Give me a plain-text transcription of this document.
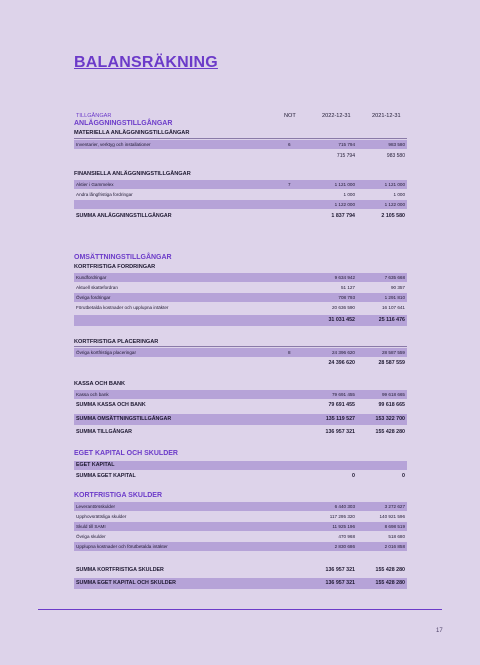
BALANSRÄKNING
TILLGÅNGAR	NOT	2022-12-31	2021-12-31
ANLÄGGNINGSTILLGÅNGAR
MATERIELLA ANLÄGGNINGSTILLGÅNGAR
Inventarier, verktyg och installationer	6	715 794	983 580
715 794	983 580
FINANSIELLA ANLÄGGNINGSTILLGÅNGAR
Aktier i Gammelex	7	1 121 000	1 121 000
Andra långfristiga fordringar	1 000	1 000
1 122 000	1 122 000
SUMMA ANLÄGGNINGSTILLGÅNGAR	1 837 794	2 105 580
OMSÄTTNINGSTILLGÅNGAR
KORTFRISTIGA FORDRINGAR
Kundfordringar	9 634 942	7 635 668
Aktuell skattefordran	51 127	90 357
Övriga fordringar	708 793	1 291 810
Förutbetalda kostnader och upplupna intäkter	20 636 590	16 107 641
31 031 452	25 116 476
KORTFRISTIGA PLACERINGAR
Övriga kortfristiga placeringar	8	24 396 620	28 587 559
24 396 620	28 587 559
KASSA OCH BANK
Kassa och bank	79 691 455	99 618 665
SUMMA KASSA OCH BANK	79 691 455	99 618 665
SUMMA OMSÄTTNINGSTILLGÅNGAR	135 119 527	153 322 700
SUMMA TILLGÅNGAR	136 957 321	155 428 280
EGET KAPITAL OCH SKULDER
EGET KAPITAL
SUMMA EGET KAPITAL	0	0
KORTFRISTIGA SKULDER
Leverantörsskulder	6 440 303	3 272 627
Upphovsrättsliga skulder	117 295 320	140 921 596
Skuld till SAMI	11 925 196	8 698 519
Övriga skulder	470 968	518 680
Upplupna kostnader och förutbetalda intäkter	2 830 686	2 016 858
SUMMA KORTFRISTIGA SKULDER	136 957 321	155 428 280
SUMMA EGET KAPITAL OCH SKULDER	136 957 321	155 428 280
17
